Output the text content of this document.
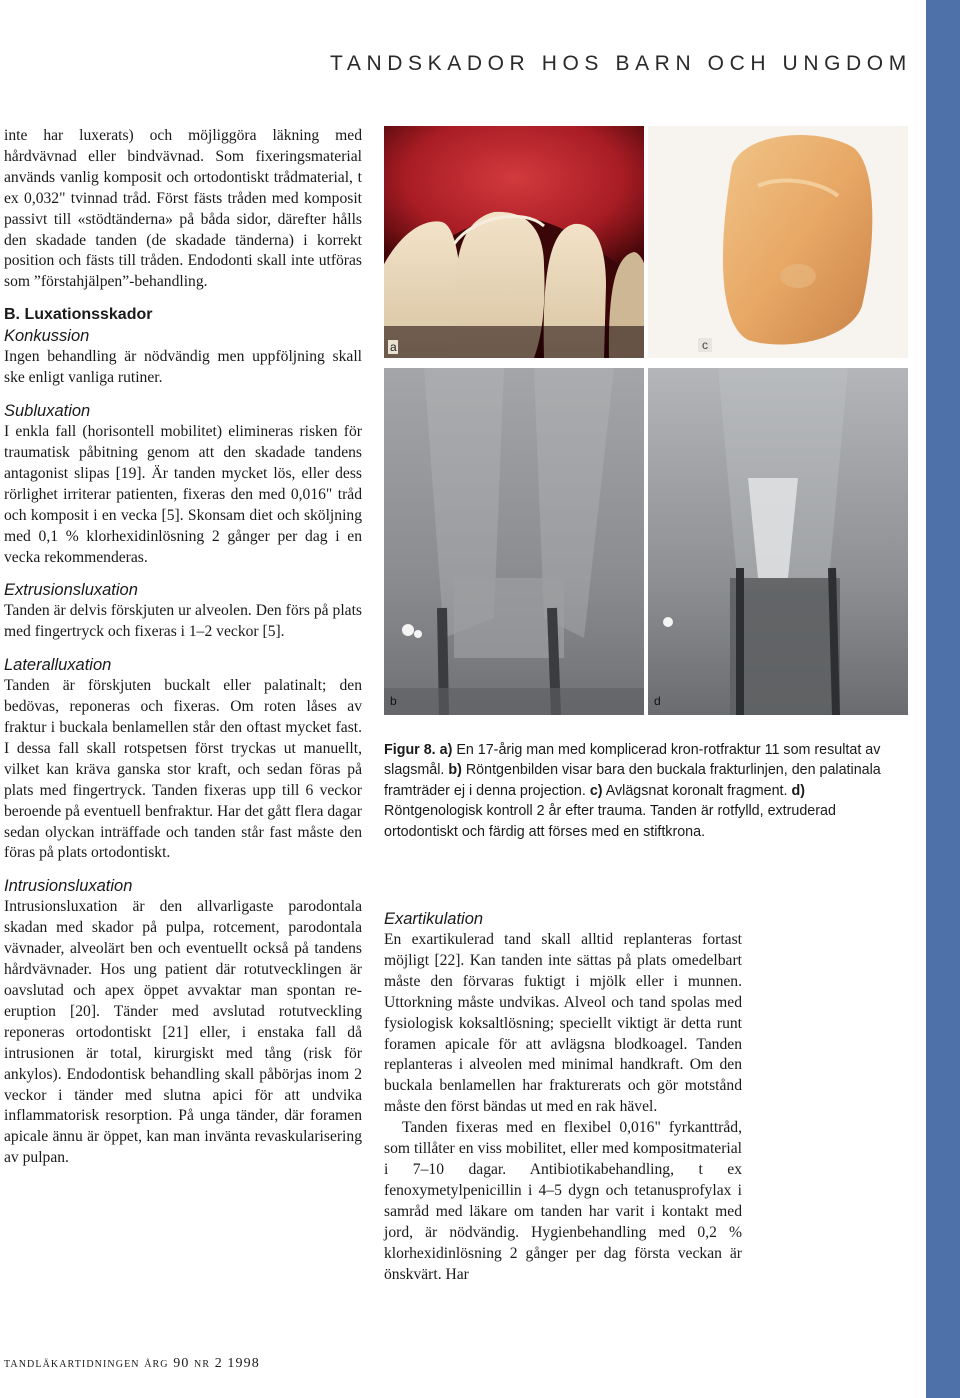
TANDSKADOR HOS BARN OCH UNGDOM

inte har luxerats) och möjliggöra läkning med hårdvävnad eller bindvävnad. Som fixeringsmaterial används vanlig komposit och ortodontiskt trådmaterial, t ex 0,032" tvinnad tråd. Först fästs tråden med komposit passivt till «stödtänderna» på båda sidor, därefter hålls den skadade tanden (de skadade tänderna) i korrekt position och fästs till tråden. Endodonti skall inte utföras som ”förstahjälpen”-behandling.

B. Luxationsskador
Konkussion

Ingen behandling är nödvändig men uppföljning skall ske enligt vanliga rutiner.

Subluxation

I enkla fall (horisontell mobilitet) elimineras risken för traumatisk påbitning genom att den skadade tandens antagonist slipas [19]. Är tanden mycket lös, eller dess rörlighet irriterar patienten, fixeras den med 0,016" tråd och komposit i en vecka [5]. Skonsam diet och sköljning med 0,1 % klorhexidinlösning 2 gånger per dag i en vecka rekommenderas.

Extrusionsluxation

Tanden är delvis förskjuten ur alveolen. Den förs på plats med fingertryck och fixeras i 1–2 veckor [5].

Lateralluxation

Tanden är förskjuten buckalt eller palatinalt; den bedövas, reponeras och fixeras. Om roten låses av fraktur i buckala benlamellen står den oftast mycket fast. I dessa fall skall rotspetsen först tryckas ut manuellt, vilket kan kräva ganska stor kraft, och sedan föras på plats med fingertryck. Tanden fixeras upp till 6 veckor beroende på eventuell benfraktur. Har det gått flera dagar sedan olyckan inträffade och tanden står fast måste den föras på plats ortodontiskt.

Intrusionsluxation

Intrusionsluxation är den allvarligaste parodontala skadan med skador på pulpa, rotcement, parodontala vävnader, alveolärt ben och eventuellt också på tandens hårdvävnader. Hos ung patient där rotutvecklingen är oavslutad och apex öppet avvaktar man spontan re-eruption [20]. Tänder med avslutad rotutveckling reponeras ortodontiskt [21] eller, i enstaka fall då intrusionen är total, kirurgiskt med tång (risk för ankylos). Endodontisk behandling skall påbörjas inom 2 veckor i tänder med slutna apici för att undvika inflammatorisk resorption. På unga tänder, där foramen apicale ännu är öppet, kan man invänta revaskularisering av pulpan.

a	c
b	d
Figur 8. a) En 17-årig man med komplicerad kron-rotfraktur 11 som resultat av slagsmål. b) Röntgenbilden visar bara den buckala frakturlinjen, den palatinala framträder ej i denna projection. c) Avlägsnat koronalt fragment. d) Röntgenologisk kontroll 2 år efter trauma. Tanden är rotfylld, extruderad ortodontiskt och färdig att förses med en stiftkrona.
Exartikulation

En exartikulerad tand skall alltid replanteras fortast möjligt [22]. Kan tanden inte sättas på plats omedelbart måste den förvaras fuktigt i mjölk eller i munnen. Uttorkning måste undvikas. Alveol och tand spolas med fysiologisk koksaltlösning; speciellt viktigt är detta runt foramen apicale för att avlägsna blodkoagel. Tanden replanteras i alveolen med minimal handkraft. Om den buckala benlamellen har frakturerats och gör motstånd måste den först bändas ut med en rak hävel.

Tanden fixeras med en flexibel 0,016" fyrkanttråd, som tillåter en viss mobilitet, eller med kompositmaterial i 7–10 dagar. Antibiotikabehandling, t ex fenoxymetylpenicillin i 4–5 dygn och tetanusprofylax i samråd med läkare om tanden har varit i kontakt med jord, är nödvändig. Hygienbehandling med 0,2 % klorhexidinlösning 2 gånger per dag första veckan är önskvärt. Har

tandläkartidningen årg 90 nr 2 1998
